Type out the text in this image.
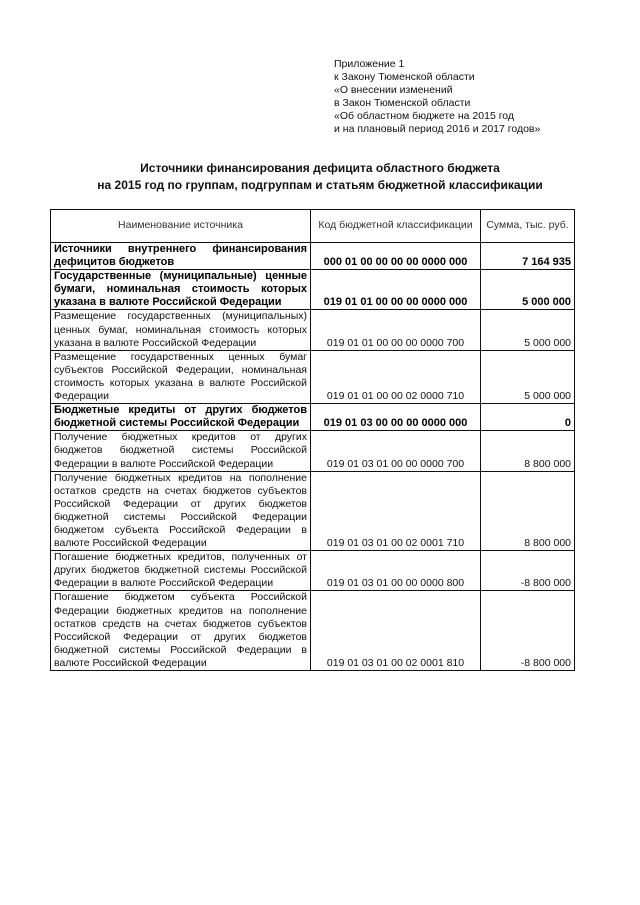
Приложение 1
к Закону Тюменской области
«О внесении изменений
в Закон Тюменской области
«Об областном бюджете на 2015 год
и на плановый период 2016 и 2017 годов»
Источники финансирования дефицита областного бюджета
на 2015 год по группам, подгруппам и статьям бюджетной классификации
Наименование источника	Код бюджетной классификации	Сумма, тыс. руб.
Источники внутреннего финансирования дефицитов бюджетов	000 01 00 00 00 00 0000 000	7 164 935
Государственные (муниципальные) ценные бумаги, номинальная стоимость которых указана в валюте Российской Федерации	019 01 01 00 00 00 0000 000	5 000 000
Размещение государственных (муниципальных) ценных бумаг, номинальная стоимость которых указана в валюте Российской Федерации	019 01 01 00 00 00 0000 700	5 000 000
Размещение государственных ценных бумаг субъектов Российской Федерации, номинальная стоимость которых указана в валюте Российской Федерации	019 01 01 00 00 02 0000 710	5 000 000
Бюджетные кредиты от других бюджетов бюджетной системы Российской Федерации	019 01 03 00 00 00 0000 000	0
Получение бюджетных кредитов от других бюджетов бюджетной системы Российской Федерации в валюте Российской Федерации	019 01 03 01 00 00 0000 700	8 800 000
Получение бюджетных кредитов на пополнение остатков средств на счетах бюджетов субъектов Российской Федерации от других бюджетов бюджетной системы Российской Федерации бюджетом субъекта Российской Федерации в валюте Российской Федерации	019 01 03 01 00 02 0001 710	8 800 000
Погашение бюджетных кредитов, полученных от других бюджетов бюджетной системы Российской Федерации в валюте Российской Федерации	019 01 03 01 00 00 0000 800	-8 800 000
Погашение бюджетом субъекта Российской Федерации бюджетных кредитов на пополнение остатков средств на счетах бюджетов субъектов Российской Федерации от других бюджетов бюджетной системы Российской Федерации в валюте Российской Федерации	019 01 03 01 00 02 0001 810	-8 800 000
